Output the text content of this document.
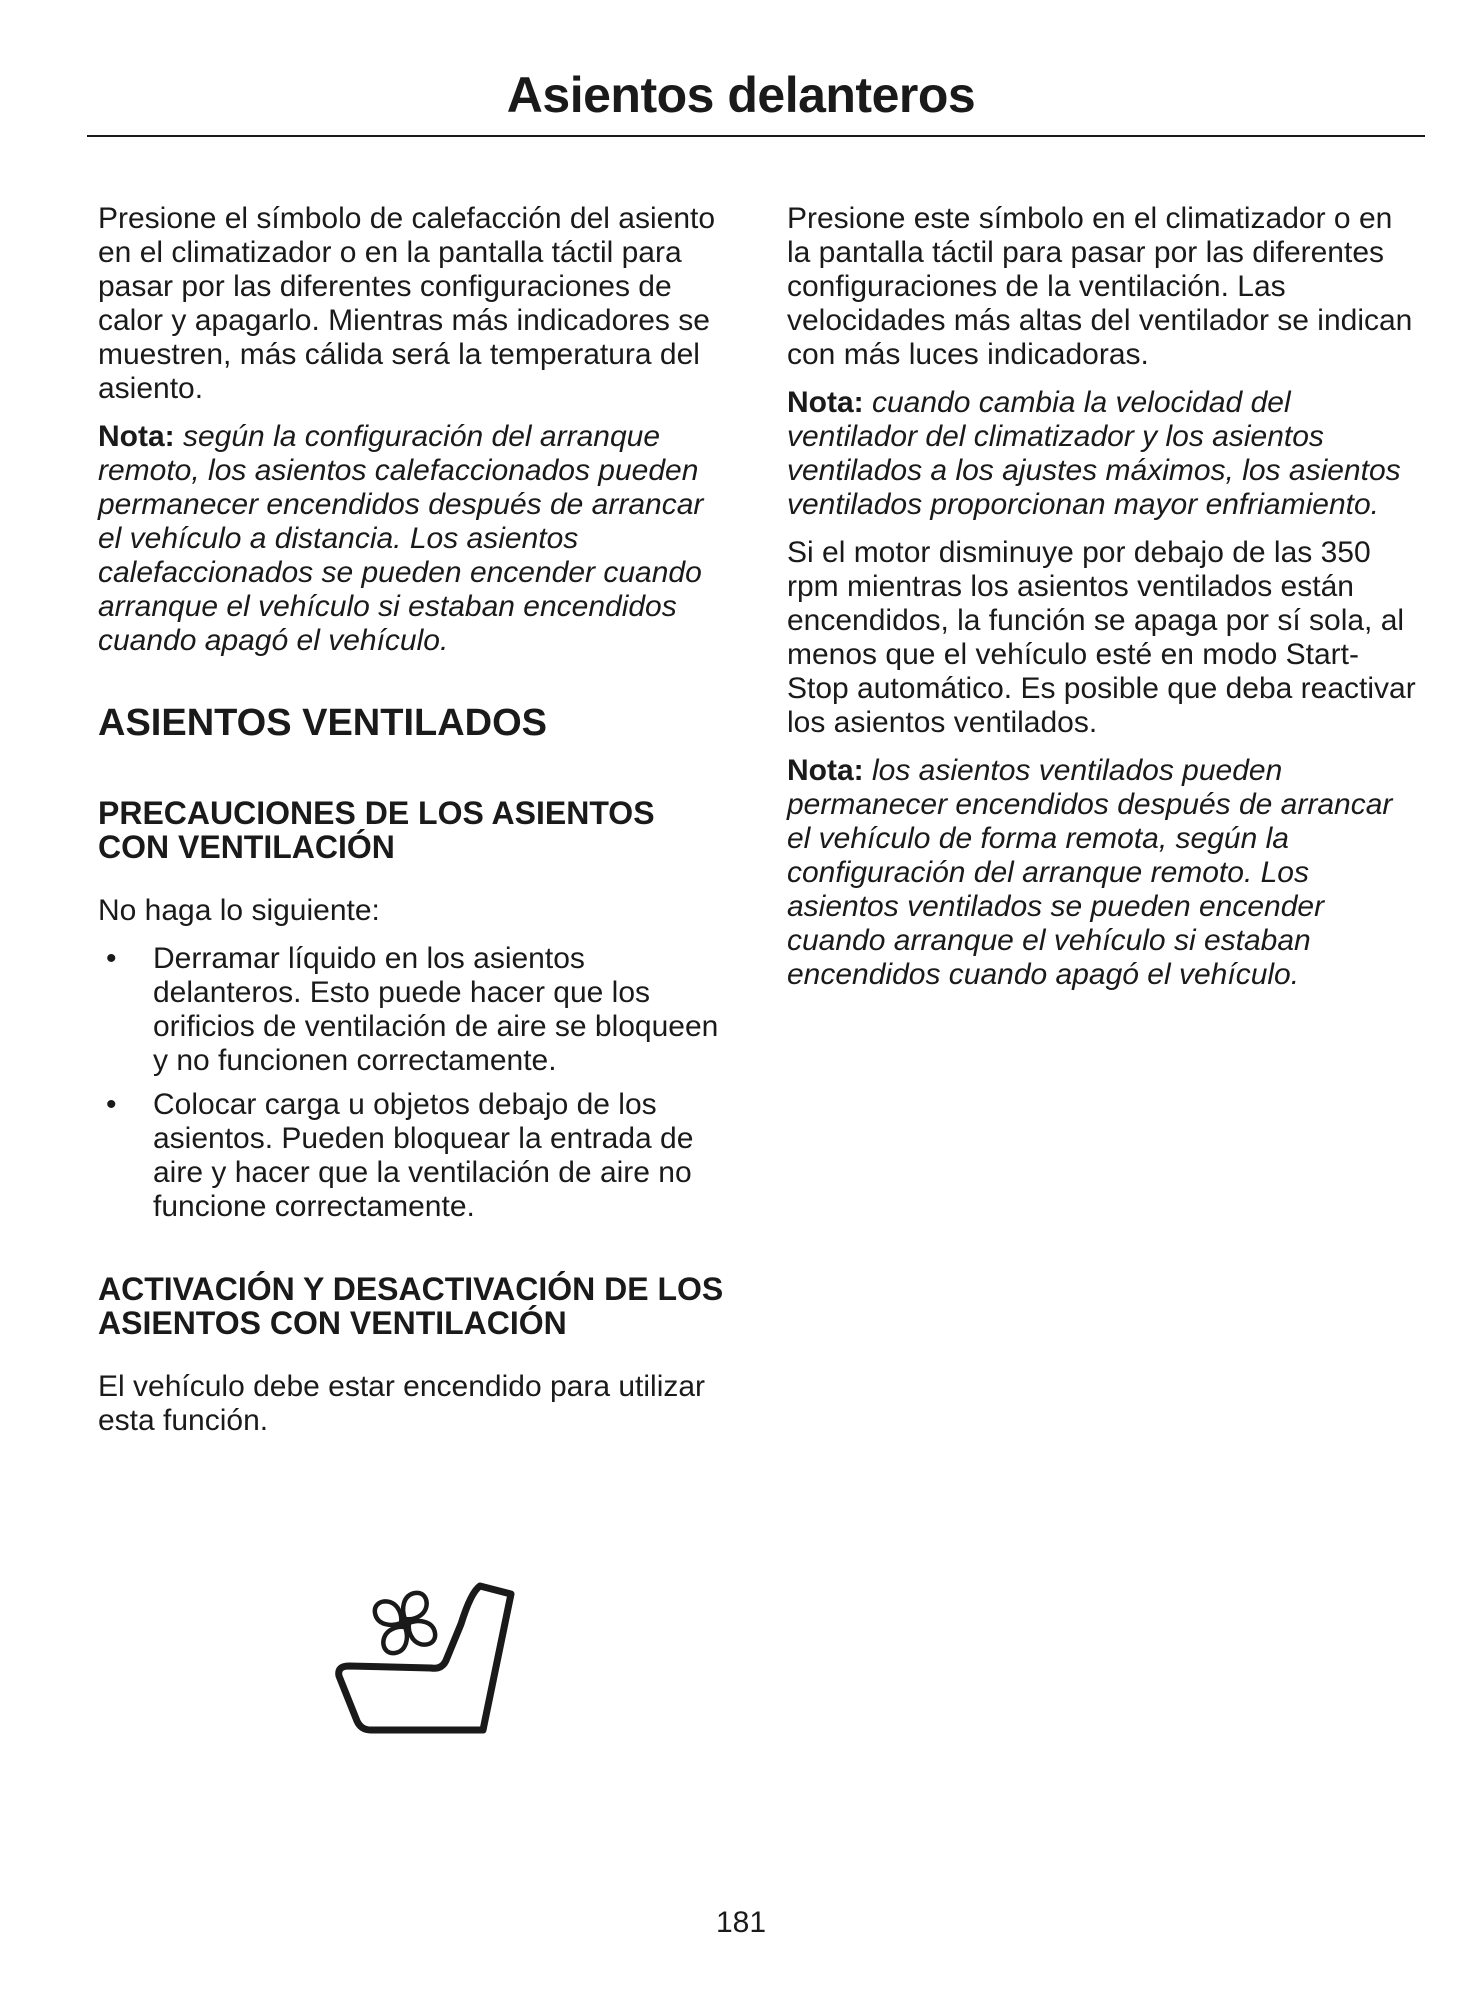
Asientos delanteros

Presione el símbolo de calefacción del asiento en el climatizador o en la pantalla táctil para pasar por las diferentes configuraciones de calor y apagarlo. Mientras más indicadores se muestren, más cálida será la temperatura del asiento.

Nota: según la configuración del arranque remoto, los asientos calefaccionados pueden permanecer encendidos después de arrancar el vehículo a distancia. Los asientos calefaccionados se pueden encender cuando arranque el vehículo si estaban encendidos cuando apagó el vehículo.

ASIENTOS VENTILADOS
PRECAUCIONES DE LOS ASIENTOS CON VENTILACIÓN

No haga lo siguiente:

• Derramar líquido en los asientos delanteros. Esto puede hacer que los orificios de ventilación de aire se bloqueen y no funcionen correctamente.
• Colocar carga u objetos debajo de los asientos. Pueden bloquear la entrada de aire y hacer que la ventilación de aire no funcione correctamente.
ACTIVACIÓN Y DESACTIVACIÓN DE LOS ASIENTOS CON VENTILACIÓN

El vehículo debe estar encendido para utilizar esta función.

Presione este símbolo en el climatizador o en la pantalla táctil para pasar por las diferentes configuraciones de la ventilación. Las velocidades más altas del ventilador se indican con más luces indicadoras.

Nota: cuando cambia la velocidad del ventilador del climatizador y los asientos ventilados a los ajustes máximos, los asientos ventilados proporcionan mayor enfriamiento.

Si el motor disminuye por debajo de las 350 rpm mientras los asientos ventilados están encendidos, la función se apaga por sí sola, al menos que el vehículo esté en modo Start-Stop automático. Es posible que deba reactivar los asientos ventilados.

Nota: los asientos ventilados pueden permanecer encendidos después de arrancar el vehículo de forma remota, según la configuración del arranque remoto. Los asientos ventilados se pueden encender cuando arranque el vehículo si estaban encendidos cuando apagó el vehículo.

181
